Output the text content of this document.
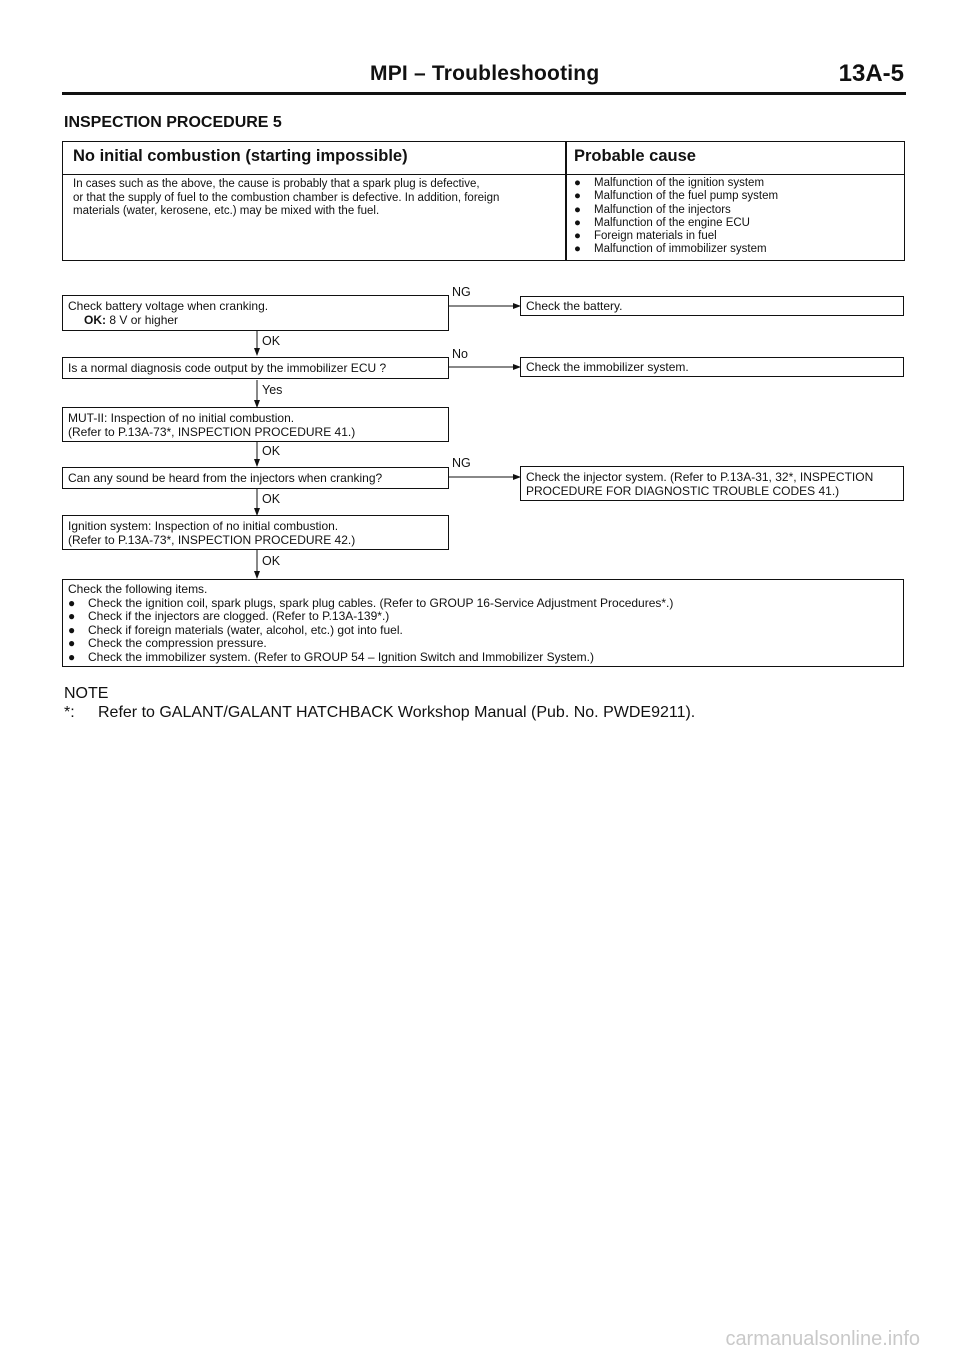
MPI – Troubleshooting	13A-5
INSPECTION PROCEDURE 5
No initial combustion (starting impossible)	Probable cause
In cases such as the above, the cause is probably that a spark plug is defective,
or that the supply of fuel to the combustion chamber is defective. In addition, foreign
materials (water, kerosene, etc.) may be mixed with the fuel.
● Malfunction of the ignition system
● Malfunction of the fuel pump system
● Malfunction of the injectors
● Malfunction of the engine ECU
● Foreign materials in fuel
● Malfunction of immobilizer system
Check battery voltage when cranking.
OK: 8 V or higher
NG
Check the battery.
OK
Is a normal diagnosis code output by the immobilizer ECU ?
No
Check the immobilizer system.
Yes
MUT-II: Inspection of no initial combustion.
(Refer to P.13A-73*, INSPECTION PROCEDURE 41.)
OK
Can any sound be heard from the injectors when cranking?
NG
Check the injector system. (Refer to P.13A-31, 32*, INSPECTION
PROCEDURE FOR DIAGNOSTIC TROUBLE CODES 41.)
OK
Ignition system: Inspection of no initial combustion.
(Refer to P.13A-73*, INSPECTION PROCEDURE 42.)
OK
Check the following items.
● Check the ignition coil, spark plugs, spark plug cables. (Refer to GROUP 16-Service Adjustment Procedures*.)
● Check if the injectors are clogged. (Refer to P.13A-139*.)
● Check if foreign materials (water, alcohol, etc.) got into fuel.
● Check the compression pressure.
● Check the immobilizer system. (Refer to GROUP 54 – Ignition Switch and Immobilizer System.)
NOTE
*: Refer to GALANT/GALANT HATCHBACK Workshop Manual (Pub. No. PWDE9211).
carmanualsonline.info
